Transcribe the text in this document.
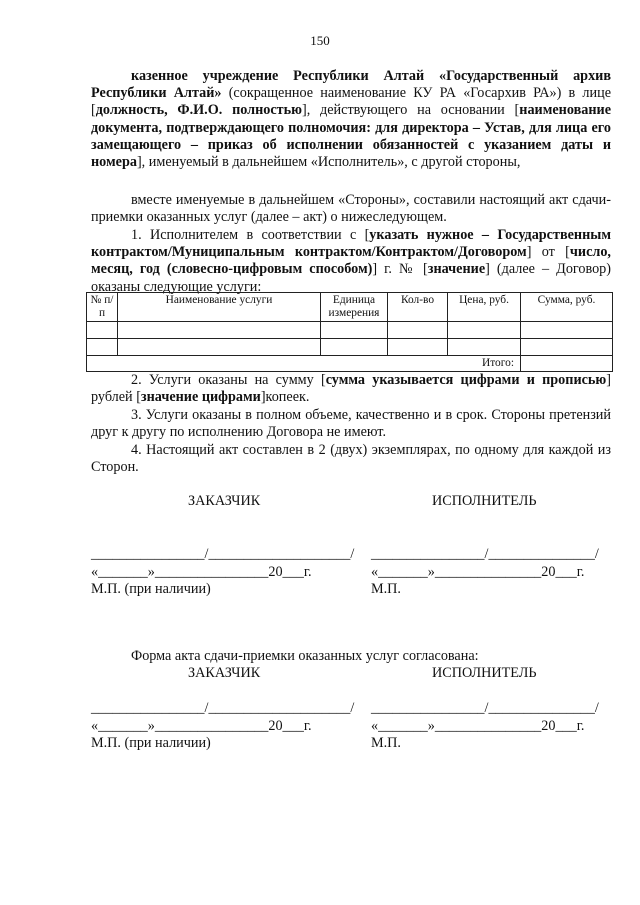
150
казенное учреждение Республики Алтай «Государственный архив Республики Алтай» (сокращенное наименование КУ РА «Госархив РА») в лице [должность, Ф.И.О. полностью], действующего на основании [наименование документа, подтверждающего полномочия: для директора – Устав, для лица его замещающего – приказ об исполнении обязанностей с указанием даты и номера], именуемый в дальнейшем «Исполнитель», с другой стороны,
вместе именуемые в дальнейшем «Стороны», составили настоящий акт сдачи-приемки оказанных услуг (далее – акт) о нижеследующем.
1. Исполнителем в соответствии с [указать нужное – Государственным контрактом/Муниципальным контрактом/Контрактом/Договором] от [число, месяц, год (словесно-цифровым способом)] г. № [значение] (далее – Договор) оказаны следующие услуги:
№ п/п	Наименование услуги	Единица измерения	Кол-во	Цена, руб.	Сумма, руб.

Итого:					
2. Услуги оказаны на сумму [сумма указывается цифрами и прописью] рублей [значение цифрами]копеек.
3. Услуги оказаны в полном объеме, качественно и в срок. Стороны претензий друг к другу по исполнению Договора не имеют.
4. Настоящий акт составлен в 2 (двух) экземплярах, по одному для каждой из Сторон.
ЗАКАЗЧИК	ИСПОЛНИТЕЛЬ
________________/____________________/ ________________/_______________/
«_______»________________20___г.	«_______»_______________20___г.
М.П. (при наличии)	М.П.
Форма акта сдачи-приемки оказанных услуг согласована:
ЗАКАЗЧИК	ИСПОЛНИТЕЛЬ
________________/____________________/ ________________/_______________/
«_______»________________20___г.	«_______»_______________20___г.
М.П. (при наличии)	М.П.
